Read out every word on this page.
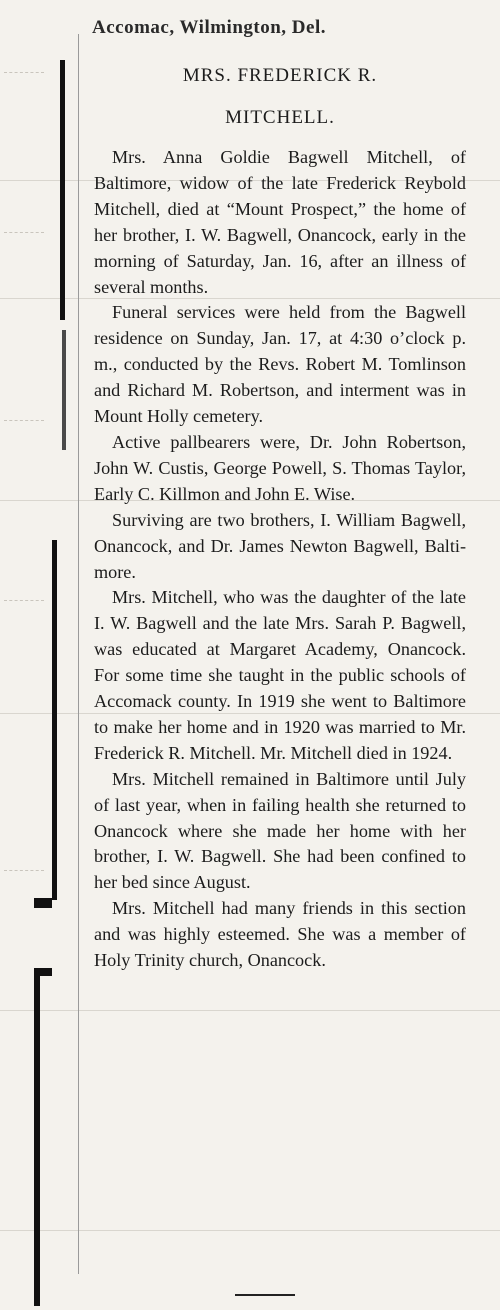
Accomac, Wilmington, Del.
MRS. FREDERICK R.
MITCHELL.

Mrs. Anna Goldie Bagwell Mitchell, of Baltimore, widow of the late Frederick Reybold Mitchell, died at “Mount Prospect,” the home of her brother, I. W. Bagwell, Onancock, early in the morning of Saturday, Jan. 16, after an illness of several months.

Funeral services were held from the Bagwell residence on Sunday, Jan. 17, at 4:30 o’clock p. m., conducted by the Revs. Robert M. Tomlinson and Richard M. Robertson, and interment was in Mount Holly cemetery.

Active pallbearers were, Dr. John Robertson, John W. Custis, George Powell, S. Thomas Taylor, Early C. Killmon and John E. Wise.

Surviving are two brothers, I. William Bagwell, Onancock, and Dr. James Newton Bagwell, Baltimore.

Mrs. Mitchell, who was the daughter of the late I. W. Bagwell and the late Mrs. Sarah P. Bagwell, was educated at Margaret Academy, Onancock. For some time she taught in the public schools of Accomack county. In 1919 she went to Baltimore to make her home and in 1920 was married to Mr. Frederick R. Mitchell. Mr. Mitchell died in 1924.

Mrs. Mitchell remained in Baltimore until July of last year, when in failing health she returned to Onancock where she made her home with her brother, I. W. Bagwell. She had been confined to her bed since August.

Mrs. Mitchell had many friends in this section and was highly esteemed. She was a member of Holy Trinity church, Onancock.
